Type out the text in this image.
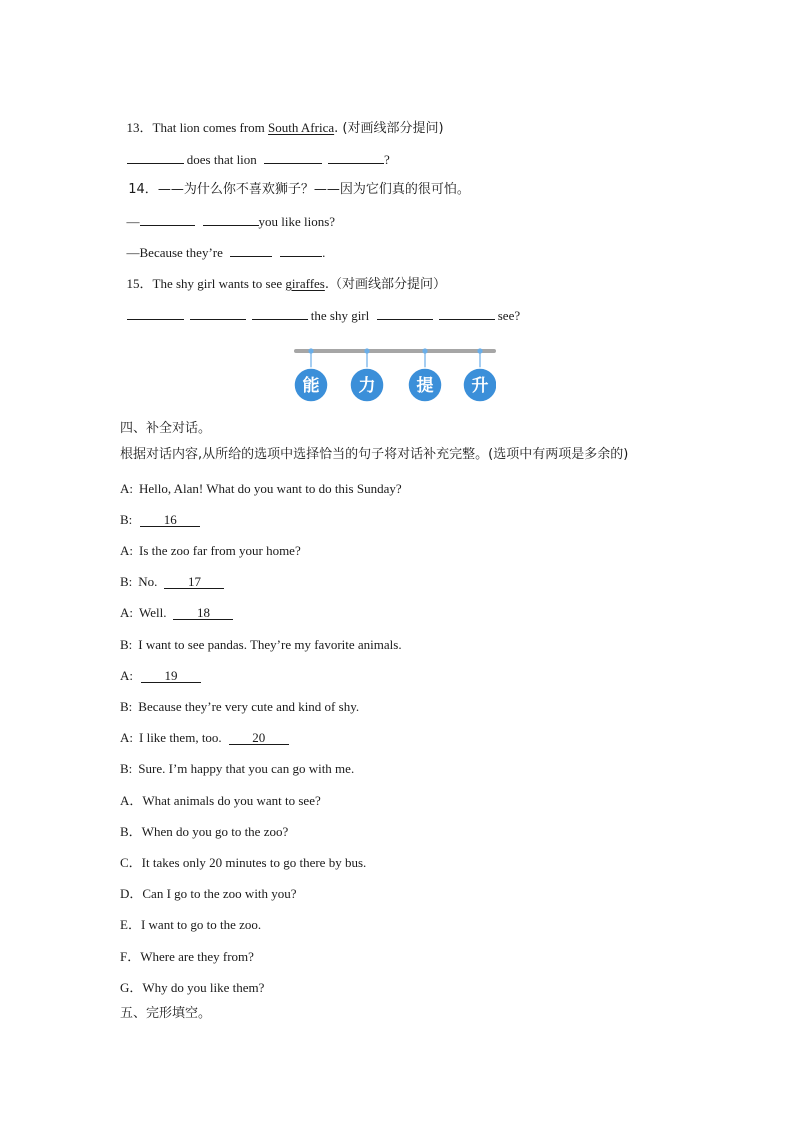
13．That lion comes from South Africa. (对画线部分提问)

does that lion	?

14．——为什么你不喜欢狮子？——因为它们真的很可怕。

—	you like lions?

—Because they’re	.

15．The shy girl wants to see giraffes.（对画线部分提问）

the shy girl	see?

能 力 提 升
四、补全对话。
根据对话内容,从所给的选项中选择恰当的句子将对话补充完整。(选项中有两项是多余的)
A: Hello, Alan! What do you want to do this Sunday?
B: 16
A: Is the zoo far from your home?
B: No. 17
A: Well. 18
B: I want to see pandas. They’re my favorite animals.
A: 19
B: Because they’re very cute and kind of shy.
A: I like them, too. 20
B: Sure. I’m happy that you can go with me.
A．What animals do you want to see?
B．When do you go to the zoo?
C．It takes only 20 minutes to go there by bus.
D．Can I go to the zoo with you?
E．I want to go to the zoo.
F．Where are they from?
G．Why do you like them?
五、完形填空。
